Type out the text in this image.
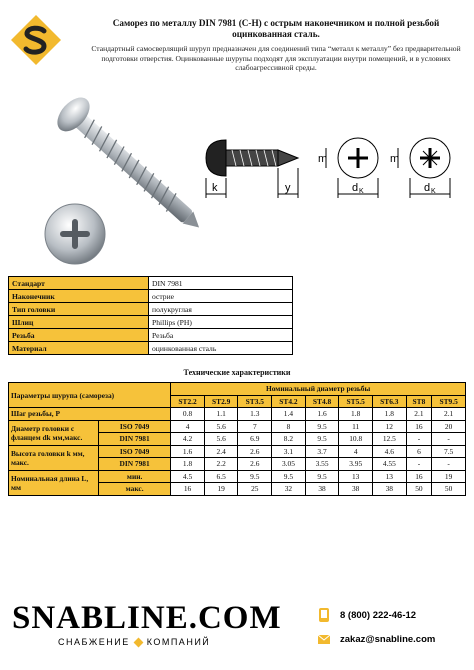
Саморез по металлу DIN 7981 (C-H) с острым наконечником и полной резьбой оцинкованная сталь.
Стандартный самосверлящий шуруп предназначен для соединений типа “металл к металлу” без предварительной подготовки отверстия. Оцинкованные шурупы подходят для эксплуатации внутри помещений, и в условиях слабоагрессивной среды.
k	y
m	m
d K	d K
Стандарт	DIN 7981
Наконечник	острие
Тип головки	полукруглая
Шлиц	Phillips (PH)
Резьба	Резьба
Материал	оцинкованная сталь
Технические характеристики
Параметры шурупа (самореза)		Номинальный диаметр резьбы								
		ST2.2	ST2.9	ST3.5	ST4.2	ST4.8	ST5.5	ST6.3	ST8	ST9.5
Шаг резьбы, P		0.8	1.1	1.3	1.4	1.6	1.8	1.8	2.1	2.1
Диаметр головки с фланцем dk мм,макс.	ISO 7049	4	5.6	7	8	9.5	11	12	16	20
	DIN 7981	4.2	5.6	6.9	8.2	9.5	10.8	12.5	-	-
Высота головки k мм, макс.	ISO 7049	1.6	2.4	2.6	3.1	3.7	4	4.6	6	7.5
	DIN 7981	1.8	2.2	2.6	3.05	3.55	3.95	4.55	-	-
Номинальная длина L, мм	мин.	4.5	6.5	9.5	9.5	9.5	13	13	16	19
	макс.	16	19	25	32	38	38	38	50	50
SNABLINE.COM
СНАБЖЕНИЕ КОМПАНИЙ
8 (800) 222-46-12
zakaz@snabline.com
